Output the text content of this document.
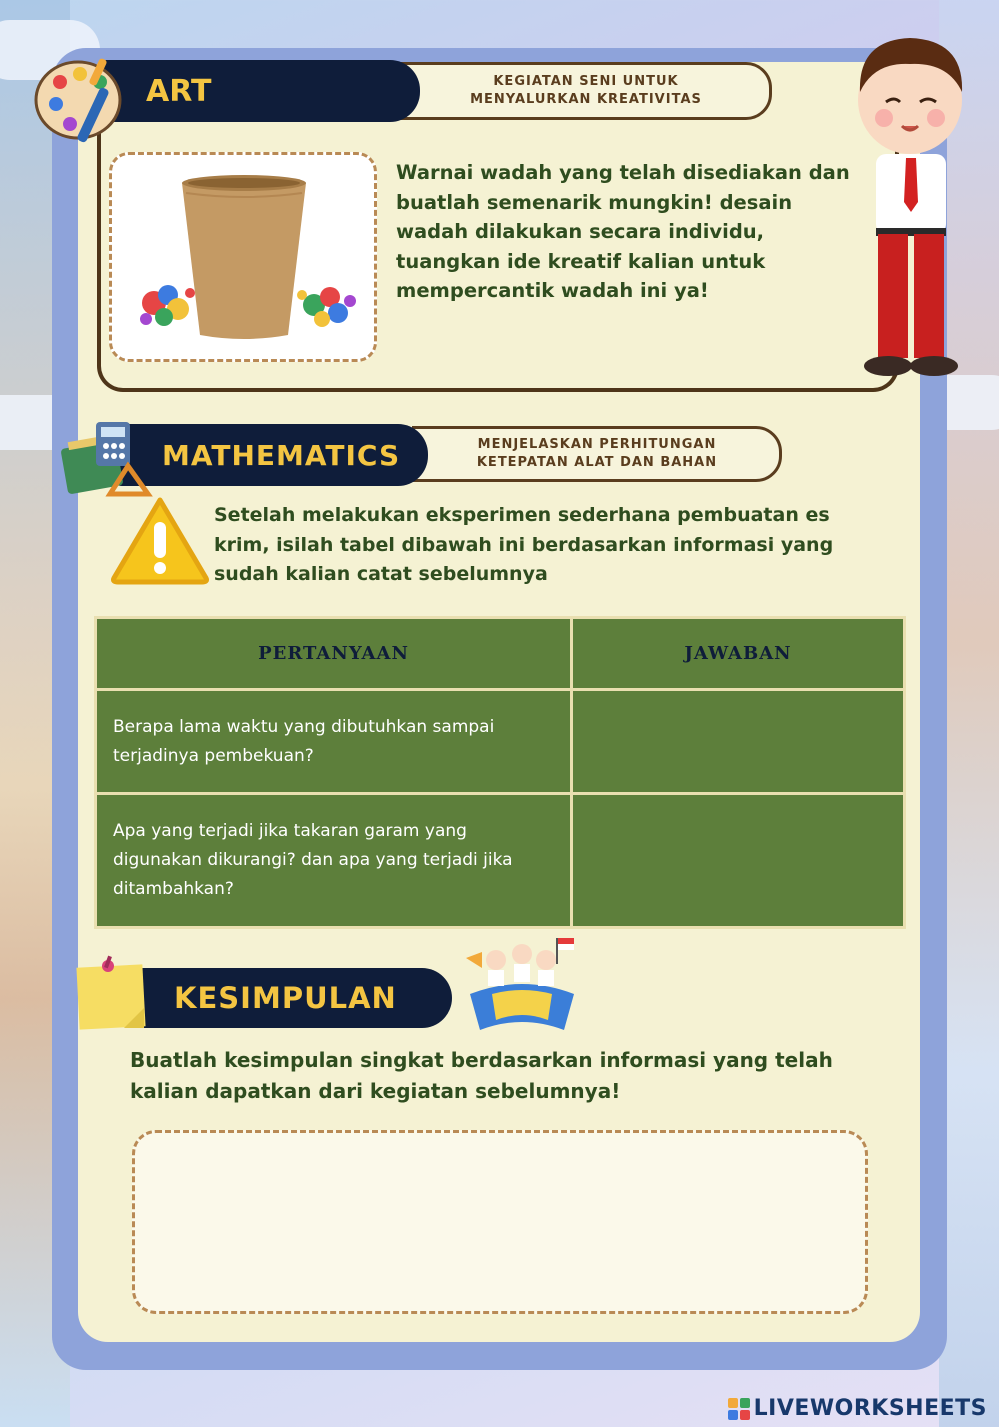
KEGIATAN SENI UNTUK
MENYALURKAN KREATIVITAS
ART
Warnai wadah yang telah disediakan dan buatlah semenarik mungkin! desain wadah dilakukan secara individu, tuangkan ide kreatif kalian untuk mempercantik wadah ini ya!
MENJELASKAN PERHITUNGAN
KETEPATAN ALAT DAN BAHAN
MATHEMATICS
Setelah melakukan eksperimen sederhana pembuatan es krim, isilah tabel dibawah ini berdasarkan informasi yang sudah kalian catat sebelumnya
PERTANYAAN	JAWABAN
Berapa lama waktu yang dibutuhkan sampai terjadinya pembekuan?	
Apa yang terjadi jika takaran garam yang digunakan dikurangi? dan apa yang terjadi jika ditambahkan?	
KESIMPULAN
Buatlah kesimpulan singkat berdasarkan informasi yang telah kalian dapatkan dari kegiatan sebelumnya!
LIVEWORKSHEETS
